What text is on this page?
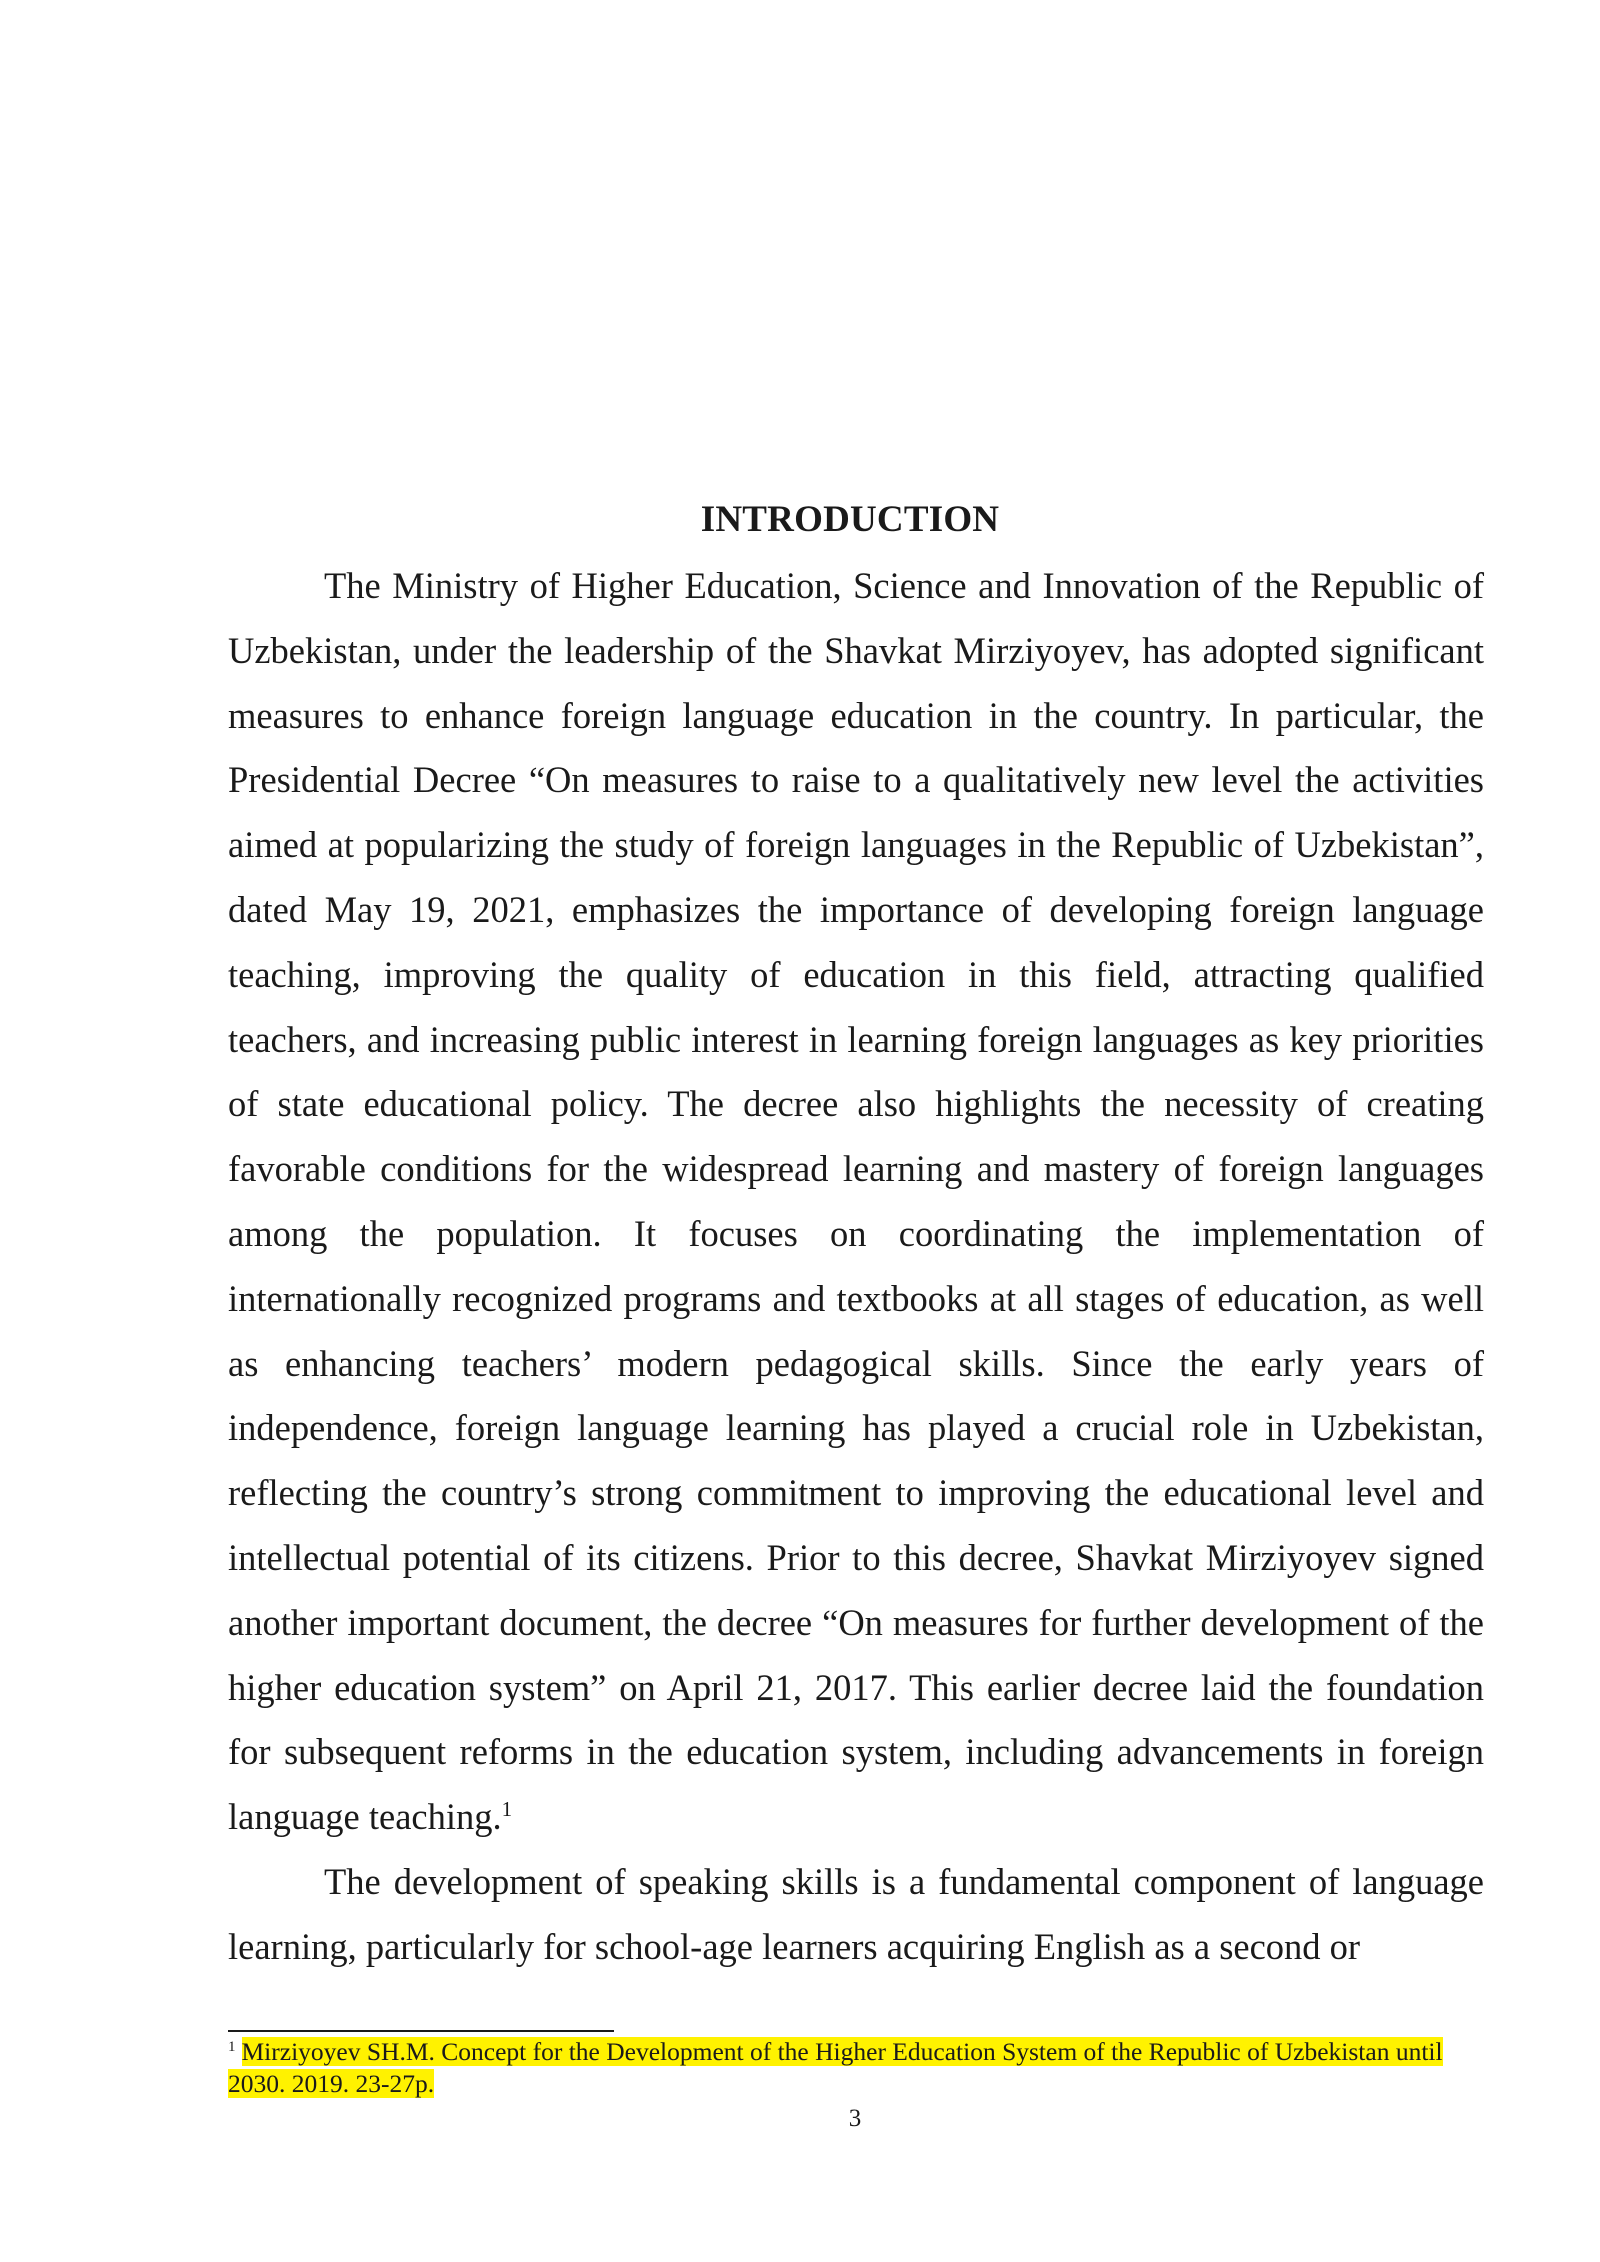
INTRODUCTION

The Ministry of Higher Education, Science and Innovation of the Republic of Uzbekistan, under the leadership of the Shavkat Mirziyoyev, has adopted significant measures to enhance foreign language education in the country. In particular, the Presidential Decree “On measures to raise to a qualitatively new level the activities aimed at popularizing the study of foreign languages in the Republic of Uzbekistan”, dated May 19, 2021, emphasizes the importance of developing foreign language teaching, improving the quality of education in this field, attracting qualified teachers, and increasing public interest in learning foreign languages as key priorities of state educational policy. The decree also highlights the necessity of creating favorable conditions for the widespread learning and mastery of foreign languages among the population. It focuses on coordinating the implementation of internationally recognized programs and textbooks at all stages of education, as well as enhancing teachers’ modern pedagogical skills. Since the early years of independence, foreign language learning has played a crucial role in Uzbekistan, reflecting the country’s strong commitment to improving the educational level and intellectual potential of its citizens. Prior to this decree, Shavkat Mirziyoyev signed another important document, the decree “On measures for further development of the higher education system” on April 21, 2017. This earlier decree laid the foundation for subsequent reforms in the education system, including advancements in foreign language teaching.$^1$

The development of speaking skills is a fundamental component of language learning, particularly for school-age learners acquiring English as a second or

$^1$ Mirziyoyev SH.M. Concept for the Development of the Higher Education System of the Republic of Uzbekistan until 2030. 2019. 23-27p.
3
